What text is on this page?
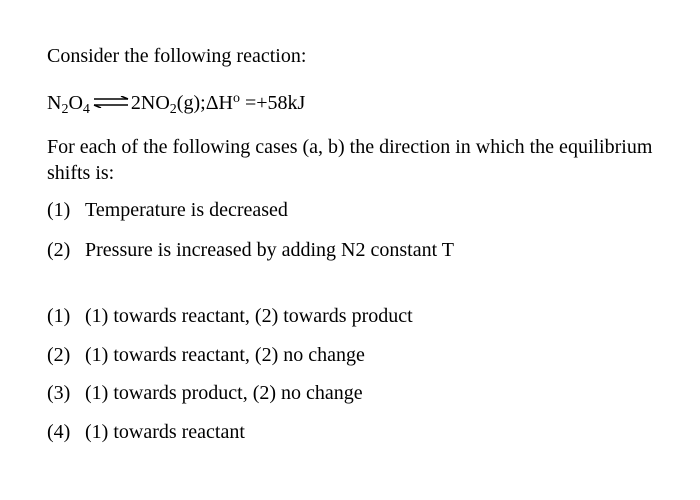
Consider the following reaction:
$N_2O_4$ $\rightleftharpoons 2NO_2(g);\Delta H^o =+58kJ$
For each of the following cases (a, b) the direction in which the equilibrium shifts is:
(1) Temperature is decreased
(2) Pressure is increased by adding N2 constant T
(1) (1) towards reactant, (2) towards product
(2) (1) towards reactant, (2) no change
(3) (1) towards product, (2) no change
(4) (1) towards reactant
